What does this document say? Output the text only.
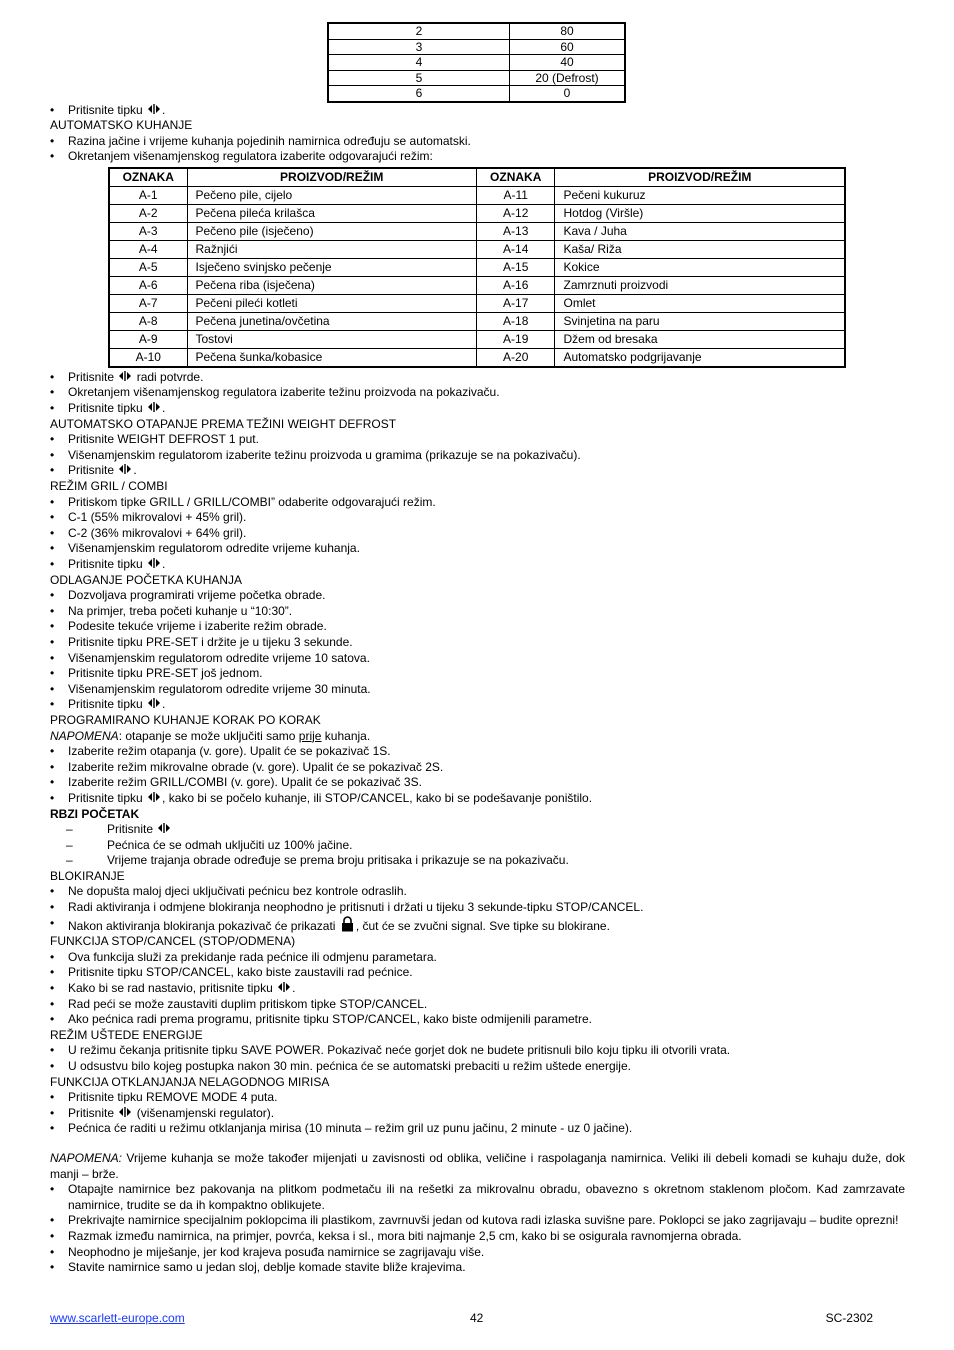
2	80
3	60
4	40
5	20 (Defrost)
6	0
• Pritisnite tipku .
AUTOMATSKO KUHANJE
• Razina jačine i vrijeme kuhanja pojedinih namirnica određuju se automatski.
• Okretanjem višenamjenskog regulatora izaberite odgovarajući režim:
OZNAKA	PROIZVOD/REŽIM	OZNAKA	PROIZVOD/REŽIM
A-1	Pečeno pile, cijelo	A-11	Pečeni kukuruz
A-2	Pečena pileća krilašca	A-12	Hotdog (Viršle)
A-3	Pečeno pile (isječeno)	A-13	Kava / Juha
A-4	Ražnjići	A-14	Kaša/ Riža
A-5	Isječeno svinjsko pečenje	A-15	Kokice
A-6	Pečena riba (isječena)	A-16	Zamrznuti proizvodi
A-7	Pečeni pileći kotleti	A-17	Omlet
A-8	Pečena junetina/ovčetina	A-18	Svinjetina na paru
A-9	Tostovi	A-19	Džem od bresaka
A-10	Pečena šunka/kobasice	A-20	Automatsko podgrijavanje
• Pritisnite radi potvrde.
• Okretanjem višenamjenskog regulatora izaberite težinu proizvoda na pokazivaču.
• Pritisnite tipku .
AUTOMATSKO OTAPANJE PREMA TEŽINI WEIGHT DEFROST
• Pritisnite WEIGHT DEFROST 1 put.
• Višenamjenskim regulatorom izaberite težinu proizvoda u gramima (prikazuje se na pokazivaču).
• Pritisnite .
REŽIM GRIL / COMBI
• Pritiskom tipke GRILL / GRILL/COMBI” odaberite odgovarajući režim.
• C-1 (55% mikrovalovi + 45% gril).
• C-2 (36% mikrovalovi + 64% gril).
• Višenamjenskim regulatorom odredite vrijeme kuhanja.
• Pritisnite tipku .
ODLAGANJE POČETKA KUHANJA
• Dozvoljava programirati vrijeme početka obrade.
• Na primjer, treba početi kuhanje u “10:30”.
• Podesite tekuće vrijeme i izaberite režim obrade.
• Pritisnite tipku PRE-SET i držite je u tijeku 3 sekunde.
• Višenamjenskim regulatorom odredite vrijeme 10 satova.
• Pritisnite tipku PRE-SET još jednom.
• Višenamjenskim regulatorom odredite vrijeme 30 minuta.
• Pritisnite tipku .
PROGRAMIRANO KUHANJE KORAK PO KORAK
NAPOMENA: otapanje se može uključiti samo prije kuhanja.
• Izaberite režim otapanja (v. gore). Upalit će se pokazivač 1S.
• Izaberite režim mikrovalne obrade (v. gore). Upalit će se pokazivač 2S.
• Izaberite režim GRILL/COMBI (v. gore). Upalit će se pokazivač 3S.
• Pritisnite tipku , kako bi se počelo kuhanje, ili STOP/CANCEL, kako bi se podešavanje poništilo.
RBZI POČETAK
– Pritisnite
– Pećnica će se odmah uključiti uz 100% jačine.
– Vrijeme trajanja obrade određuje se prema broju pritisaka i prikazuje se na pokazivaču.
BLOKIRANJE
• Ne dopušta maloj djeci uključivati pećnicu bez kontrole odraslih.
• Radi aktiviranja i odmjene blokiranja neophodno je pritisnuti i držati u tijeku 3 sekunde-tipku STOP/CANCEL.
• Nakon aktiviranja blokiranja pokazivač će prikazati , čut će se zvučni signal. Sve tipke su blokirane.
FUNKCIJA STOP/CANCEL (STOP/ODMENA)
• Ova funkcija služi za prekidanje rada pećnice ili odmjenu parametara.
• Pritisnite tipku STOP/CANCEL, kako biste zaustavili rad pećnice.
• Kako bi se rad nastavio, pritisnite tipku .
• Rad peći se može zaustaviti duplim pritiskom tipke STOP/CANCEL.
• Ako pećnica radi prema programu, pritisnite tipku STOP/CANCEL, kako biste odmijenili parametre.
REŽIM UŠTEDE ENERGIJE
• U režimu čekanja pritisnite tipku SAVE POWER. Pokazivač neće gorjet dok ne budete pritisnuli bilo koju tipku ili otvorili vrata.
• U odsustvu bilo kojeg postupka nakon 30 min. pećnica će se automatski prebaciti u režim uštede energije.
FUNKCIJA OTKLANJANJA NELAGODNOG MIRISA
• Pritisnite tipku REMOVE MODE 4 puta.
• Pritisnite (višenamjenski regulator).
• Pećnica će raditi u režimu otklanjanja mirisa (10 minuta – režim gril uz punu jačinu, 2 minute - uz 0 jačine).
NAPOMENA: Vrijeme kuhanja se može također mijenjati u zavisnosti od oblika, veličine i raspolaganja namirnica. Veliki ili debeli komadi se kuhaju duže, dok manji – brže.
• Otapajte namirnice bez pakovanja na plitkom podmetaču ili na rešetki za mikrovalnu obradu, obavezno s okretnom staklenom pločom. Kad zamrzavate namirnice, trudite se da ih kompaktno oblikujete.
• Prekrivajte namirnice specijalnim poklopcima ili plastikom, zavrnuvši jedan od kutova radi izlaska suvišne pare. Poklopci se jako zagrijavaju – budite oprezni!
• Razmak između namirnica, na primjer, povrća, keksa i sl., mora biti najmanje 2,5 cm, kako bi se osigurala ravnomjerna obrada.
• Neophodno je miješanje, jer kod krajeva posuđa namirnice se zagrijavaju više.
• Stavite namirnice samo u jedan sloj, deblje komade stavite bliže krajevima.
www.scarlett-europe.com	42	SC-2302
